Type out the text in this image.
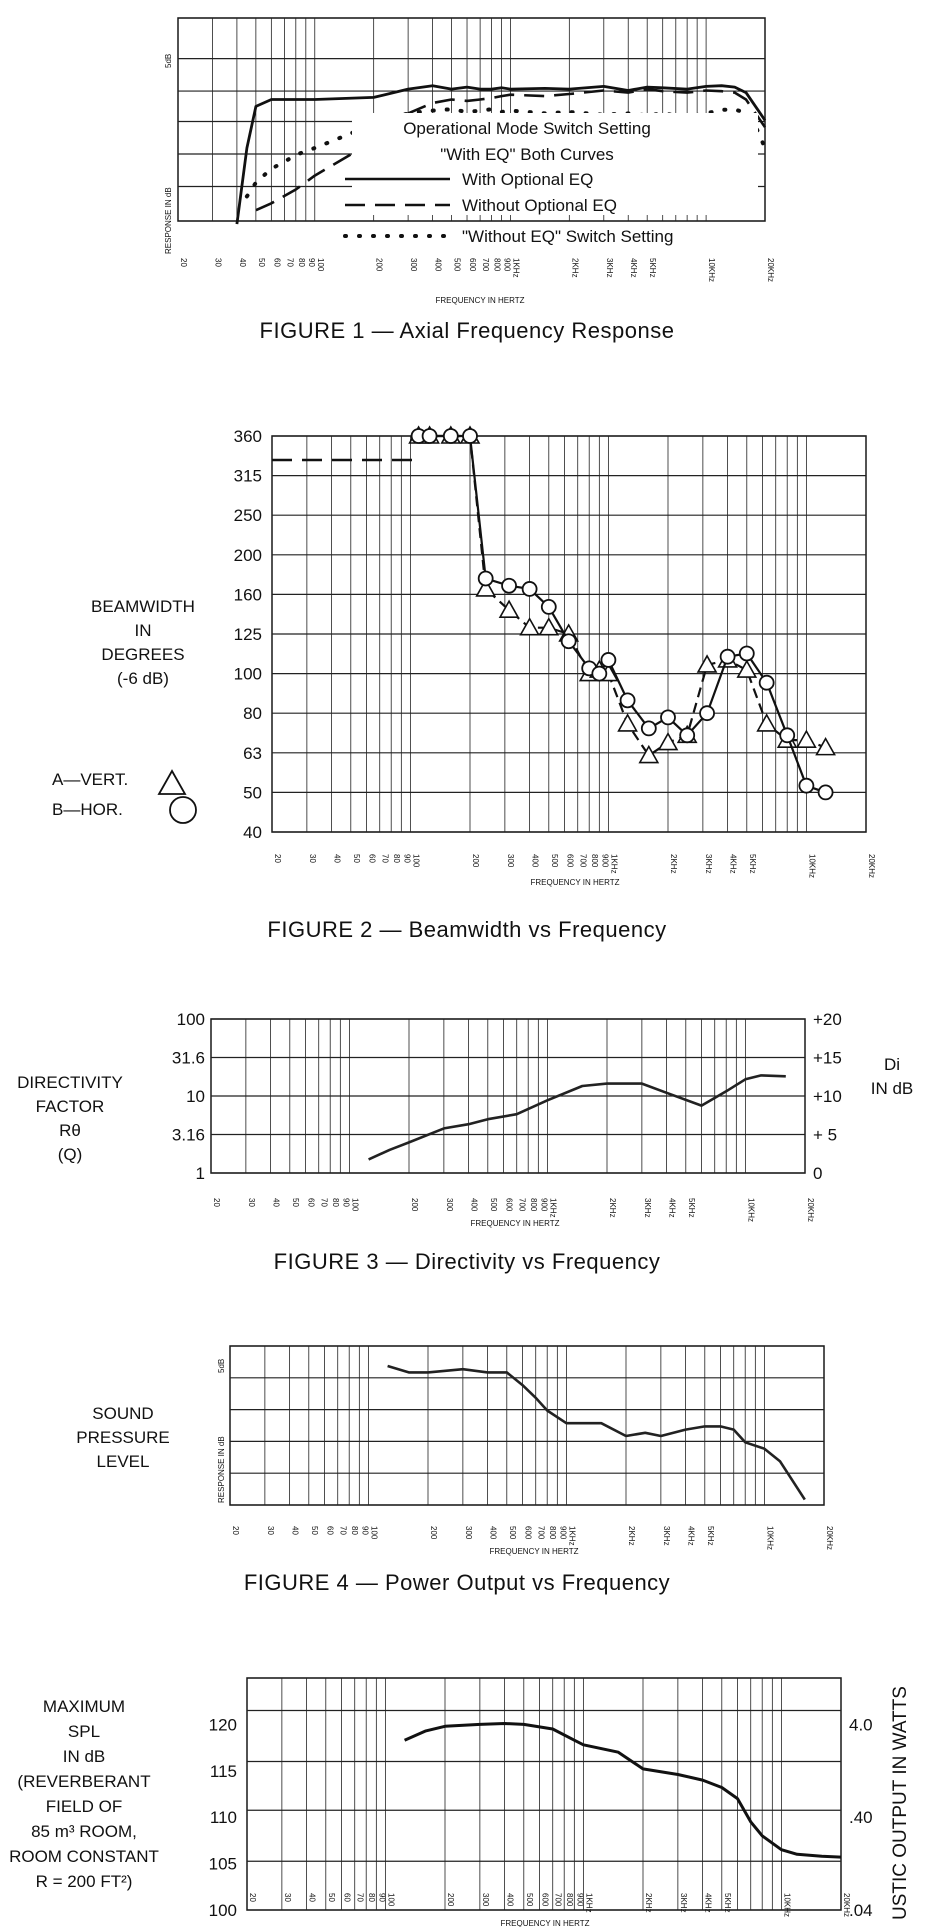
20	30 40 50 60 70 80 90 100	200	300 400 500 600 700 800 900 1KHz	2KHz	3KHz 4KHz 5KHz	10KHz	20KHz
5dB
RESPONSE IN dB
FREQUENCY IN HERTZ
Operational Mode Switch Setting
"With EQ" Both Curves
With Optional EQ
Without Optional EQ
"Without EQ" Switch Setting
FIGURE 1 — Axial Frequency Response
20	30 40 50 60 70 80 90 100	200	300 400 500 600 700 800 900 1KHz	2KHz	3KHz 4KHz 5KHz	10KHz	20KHz
360
315
250
200
160
125
100
80
63
50
40
FREQUENCY IN HERTZ
BEAMWIDTH
IN
DEGREES
(-6 dB)
A—VERT.
B—HOR.
FIGURE 2 — Beamwidth vs Frequency
20	30 40 50 60 70 80 90 100	200	300 400 500 600 700 800 900 1KHz	2KHz	3KHz 4KHz 5KHz	10KHz	20KHz
100
31.6
10
3.16
1
+20
+15
+10
+ 5
0
FREQUENCY IN HERTZ
DIRECTIVITY
FACTOR
Rθ
(Q)
Di
IN dB
FIGURE 3 — Directivity vs Frequency
20	30 40 50 60 70 80 90 100	200	300 400 500 600 700 800 900 1KHz	2KHz	3KHz 4KHz 5KHz	10KHz	20KHz
5dB
RESPONSE IN dB
FREQUENCY IN HERTZ
SOUND
PRESSURE
LEVEL
FIGURE 4 — Power Output vs Frequency
20	30 40 50 60 70 80 90 100	200	300 400 500 600 700 800 900 1KHz	2KHz	3KHz 4KHz 5KHz	10KHz	20KHz
120
115
110
105
100
4.0
.40
.04
FREQUENCY IN HERTZ
MAXIMUM
SPL
IN dB
(REVERBERANT
FIELD OF
85 m³ ROOM,
ROOM CONSTANT
R = 200 FT²)	USTIC OUTPUT IN WATTS
